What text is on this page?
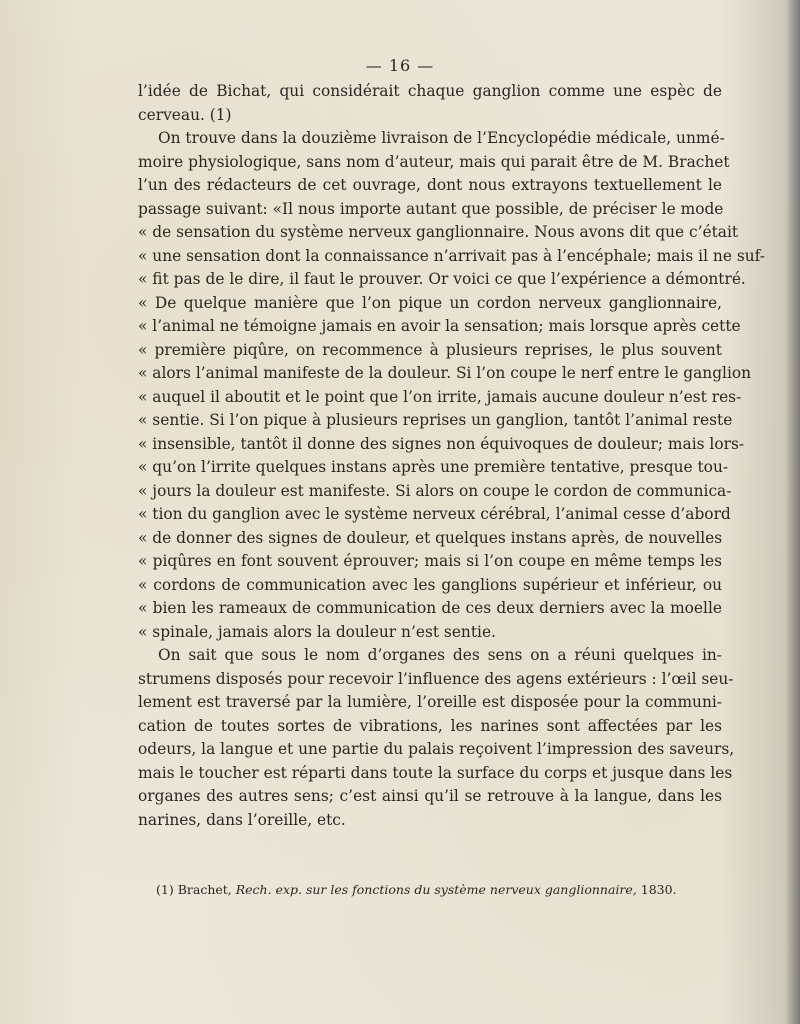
— 16 —
l’idée de Bichat, qui considérait chaque ganglion comme une espèc de
cerveau. (1)
On trouve dans la douzième livraison de l’Encyclopédie médicale, unmé-
moire physiologique, sans nom d’auteur, mais qui parait être de M. Brachet
l’un des rédacteurs de cet ouvrage, dont nous extrayons textuellement le
passage suivant: «Il nous importe autant que possible, de préciser le mode
« de sensation du système nerveux ganglionnaire. Nous avons dit que c’était
« une sensation dont la connaissance n’arrivait pas à l’encéphale; mais il ne suf-
« fit pas de le dire, il faut le prouver. Or voici ce que l’expérience a démontré.
« De quelque manière que l’on pique un cordon nerveux ganglionnaire,
« l’animal ne témoigne jamais en avoir la sensation; mais lorsque après cette
« première piqûre, on recommence à plusieurs reprises, le plus souvent
« alors l’animal manifeste de la douleur. Si l’on coupe le nerf entre le ganglion
« auquel il aboutit et le point que l’on irrite, jamais aucune douleur n’est res-
« sentie. Si l’on pique à plusieurs reprises un ganglion, tantôt l’animal reste
« insensible, tantôt il donne des signes non équivoques de douleur; mais lors-
« qu’on l’irrite quelques instans après une première tentative, presque tou-
« jours la douleur est manifeste. Si alors on coupe le cordon de communica-
« tion du ganglion avec le système nerveux cérébral, l’animal cesse d’abord
« de donner des signes de douleur, et quelques instans après, de nouvelles
« piqûres en font souvent éprouver; mais si l’on coupe en même temps les
« cordons de communication avec les ganglions supérieur et inférieur, ou
« bien les rameaux de communication de ces deux derniers avec la moelle
« spinale, jamais alors la douleur n’est sentie.
On sait que sous le nom d’organes des sens on a réuni quelques in-
strumens disposés pour recevoir l’influence des agens extérieurs : l’œil seu-
lement est traversé par la lumière, l’oreille est disposée pour la communi-
cation de toutes sortes de vibrations, les narines sont affectées par les
odeurs, la langue et une partie du palais reçoivent l’impression des saveurs,
mais le toucher est réparti dans toute la surface du corps et jusque dans les
organes des autres sens; c’est ainsi qu’il se retrouve à la langue, dans les
narines, dans l’oreille, etc.
(1) Brachet, Rech. exp. sur les fonctions du système nerveux ganglionnaire, 1830.
